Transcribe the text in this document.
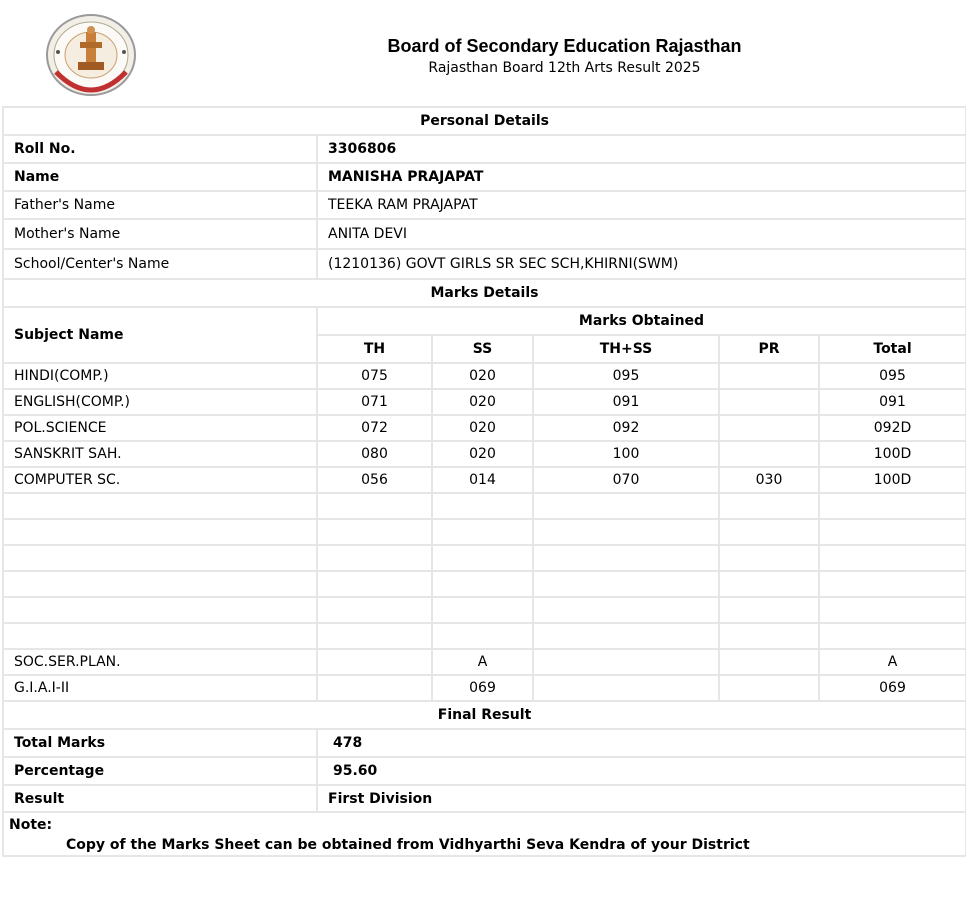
Board of Secondary Education Rajasthan
Rajasthan Board 12th Arts Result 2025
Personal Details					
Roll No.	3306806				
Name	MANISHA PRAJAPAT				
Father's Name	TEEKA RAM PRAJAPAT				
Mother's Name	ANITA DEVI				
School/Center's Name	(1210136) GOVT GIRLS SR SEC SCH,KHIRNI(SWM)				
Marks Details					
Subject Name	Marks Obtained				
	TH	SS	TH+SS	PR	Total
HINDI(COMP.)	075	020	095		095
ENGLISH(COMP.)	071	020	091		091
POL.SCIENCE	072	020	092		092D
SANSKRIT SAH.	080	020	100		100D
COMPUTER SC.	056	014	070	030	100D

SOC.SER.PLAN.		A			A
G.I.A.I-II		069			069
Final Result					
Total Marks	478				
Percentage	95.60				
Result	First Division				

Note:
Copy of the Marks Sheet can be obtained from Vidhyarthi Seva Kendra of your District					
